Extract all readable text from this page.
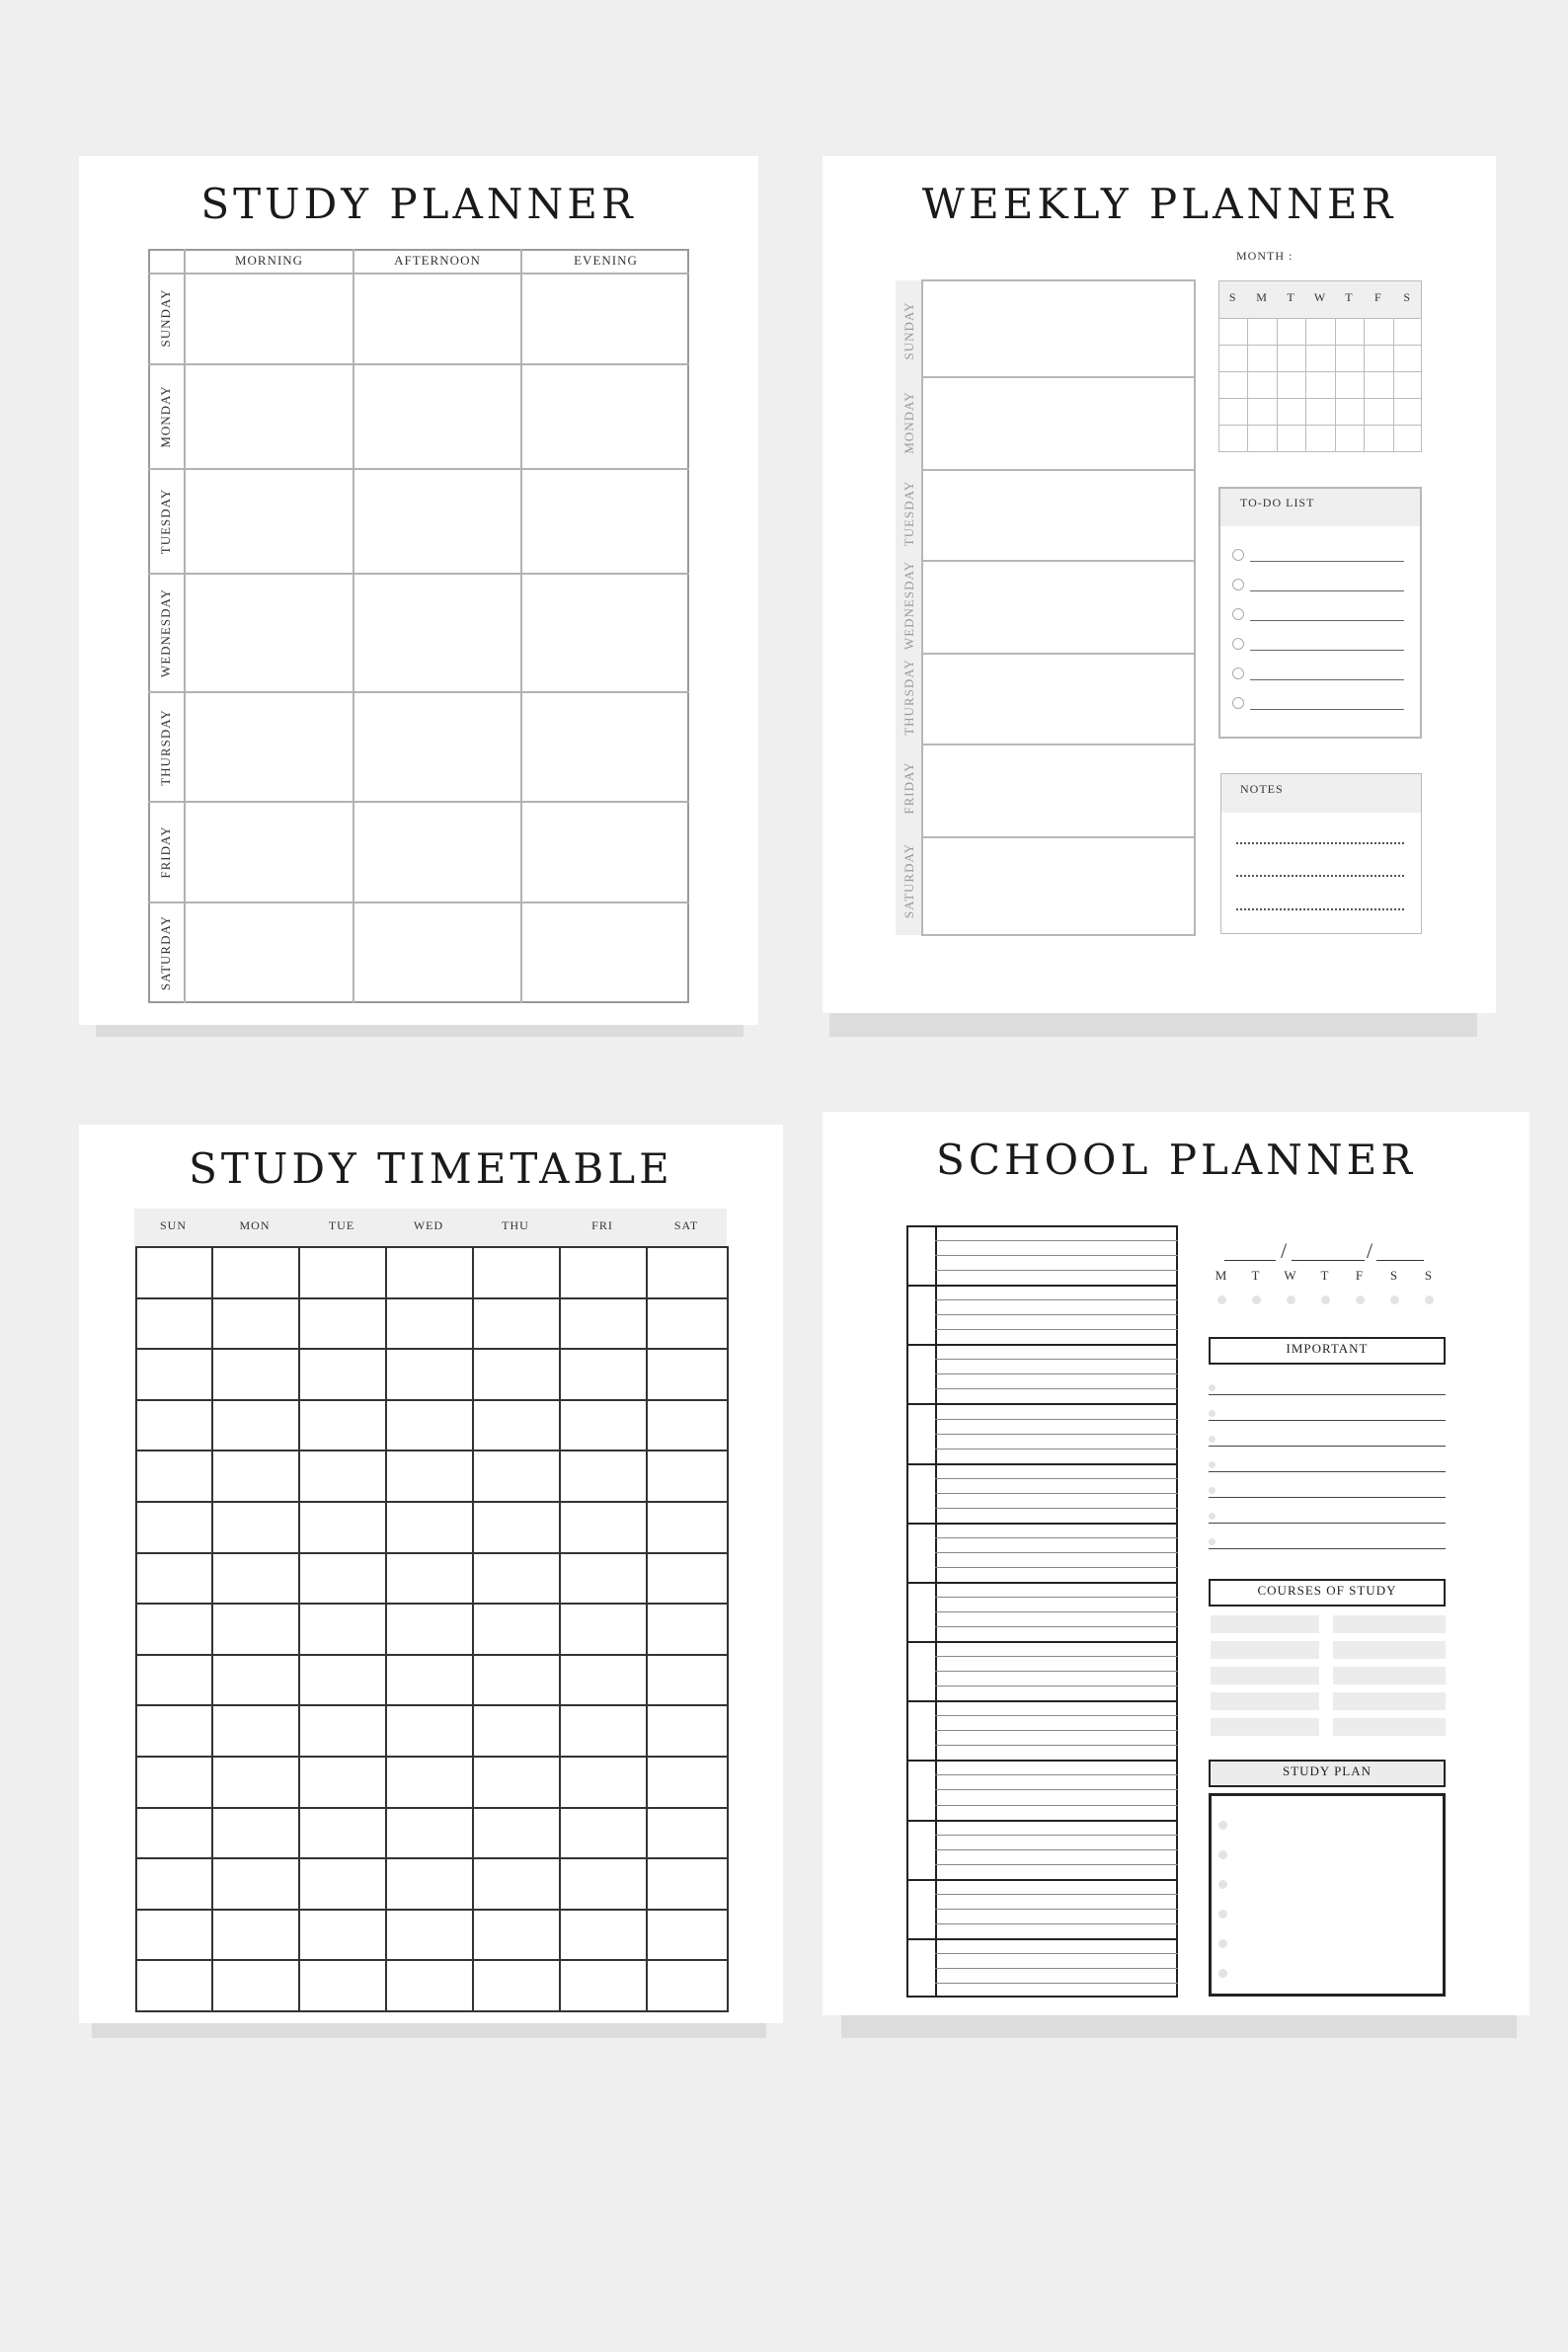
STUDY PLANNER
MORNING	AFTERNOON	EVENING
SUNDAY
MONDAY
TUESDAY
WEDNESDAY
THURSDAY
FRIDAY
SATURDAY
WEEKLY PLANNER
SUNDAY
MONDAY
TUESDAY
WEDNESDAY
THURSDAY
FRIDAY
SATURDAY
MONTH :
S	M	T	W	T	F	S
TO-DO LIST
NOTES
STUDY TIMETABLE
SUN	MON	TUE	WED	THU	FRI	SAT
SCHOOL PLANNER
/	/
M	T	W	T	F	S	S
IMPORTANT
COURSES OF STUDY
STUDY PLAN
